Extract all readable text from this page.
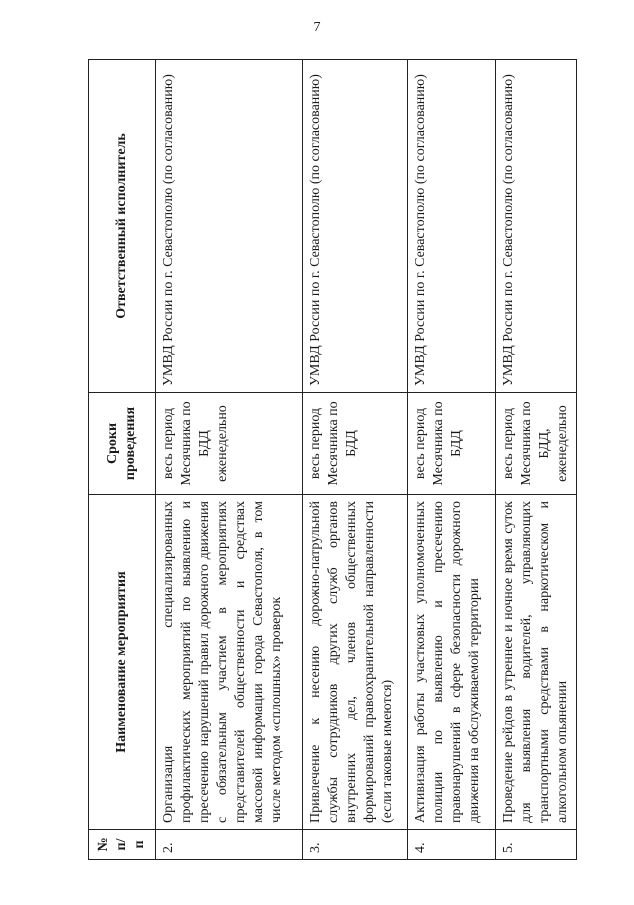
7
№ п/п	Наименование мероприятия	Сроки проведения	Ответственный исполнитель
2.	Организация специализированных профилактических мероприятий по выявлению и пресечению нарушений правил дорожного движения с обязательным участием в мероприятиях представителей общественности и средствах массовой информации города Севастополя, в том числе методом «сплошных» проверок	весь период Месячника по БДД еженедельно	УМВД России по г. Севастополю (по согласованию)
3.	Привлечение к несению дорожно-патрульной службы сотрудников других служб органов внутренних дел, членов общественных формирований правоохранительной направленности (если таковые имеются)	весь период Месячника по БДД	УМВД России по г. Севастополю (по согласованию)
4.	Активизация работы участковых уполномоченных полиции по выявлению и пресечению правонарушений в сфере безопасности дорожного движения на обслуживаемой территории	весь период Месячника по БДД	УМВД России по г. Севастополю (по согласованию)
5.	Проведение рейдов в утреннее и ночное время суток для выявления водителей, управляющих транспортными средствами в наркотическом и алкогольном опьянении	весь период Месячника по БДД, еженедельно	УМВД России по г. Севастополю (по согласованию)
